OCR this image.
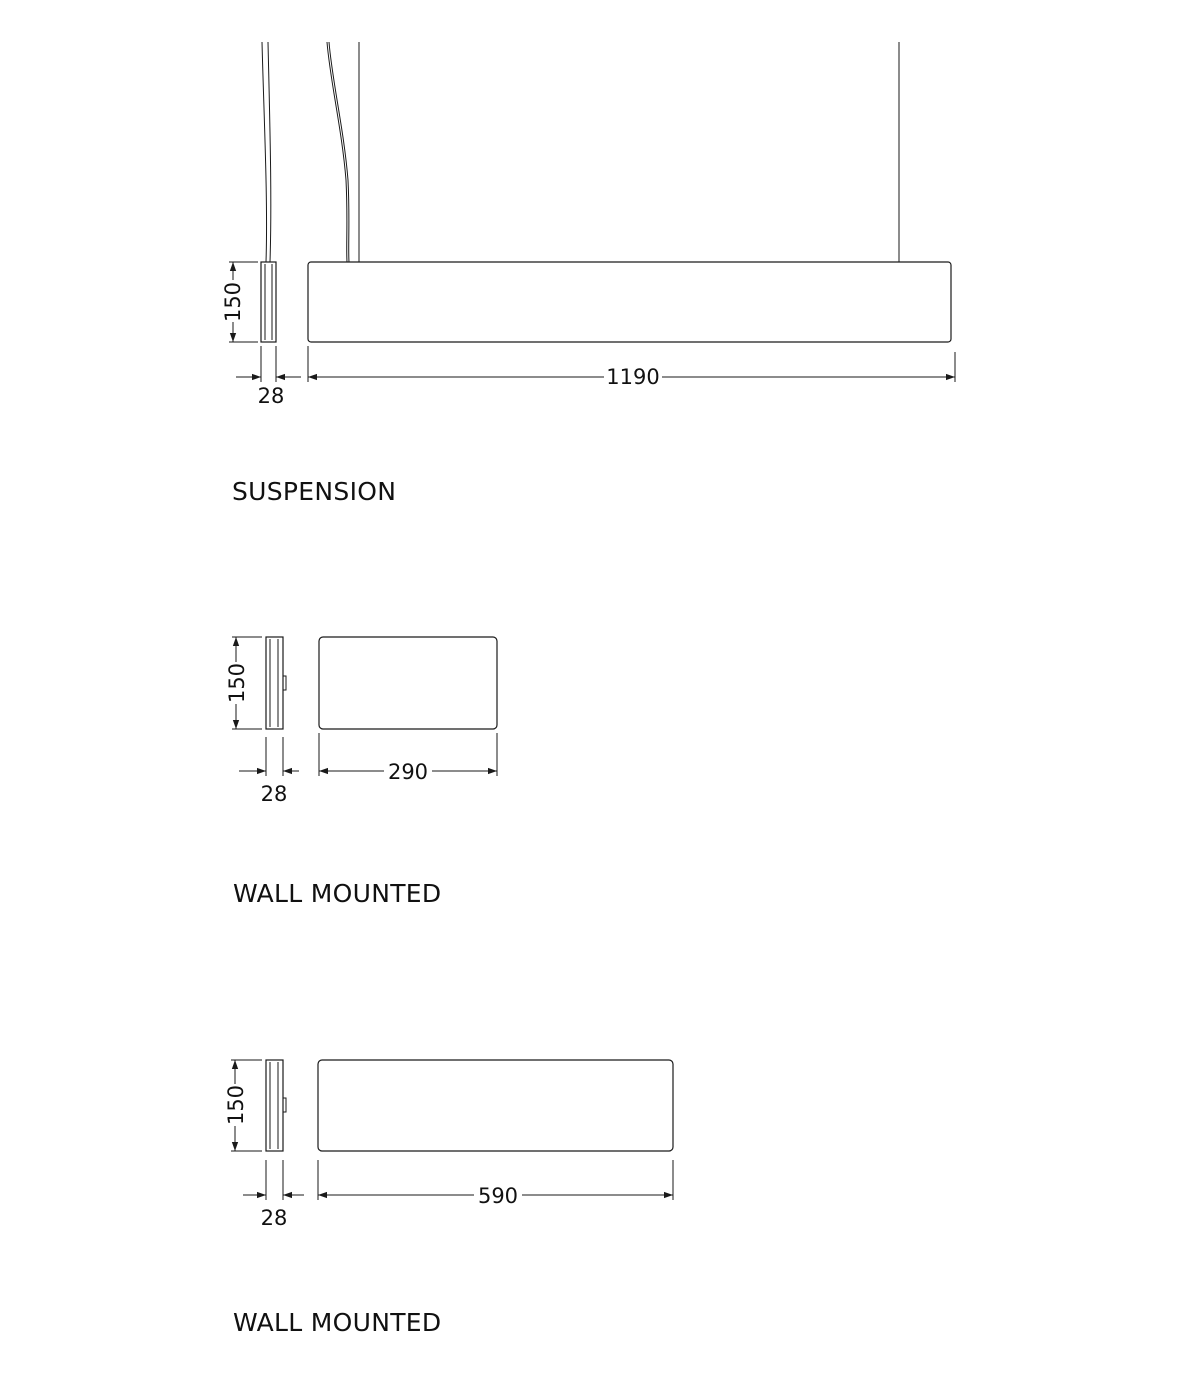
150
28
1190
SUSPENSION
150
28
290
WALL MOUNTED
150
28
590
WALL MOUNTED
